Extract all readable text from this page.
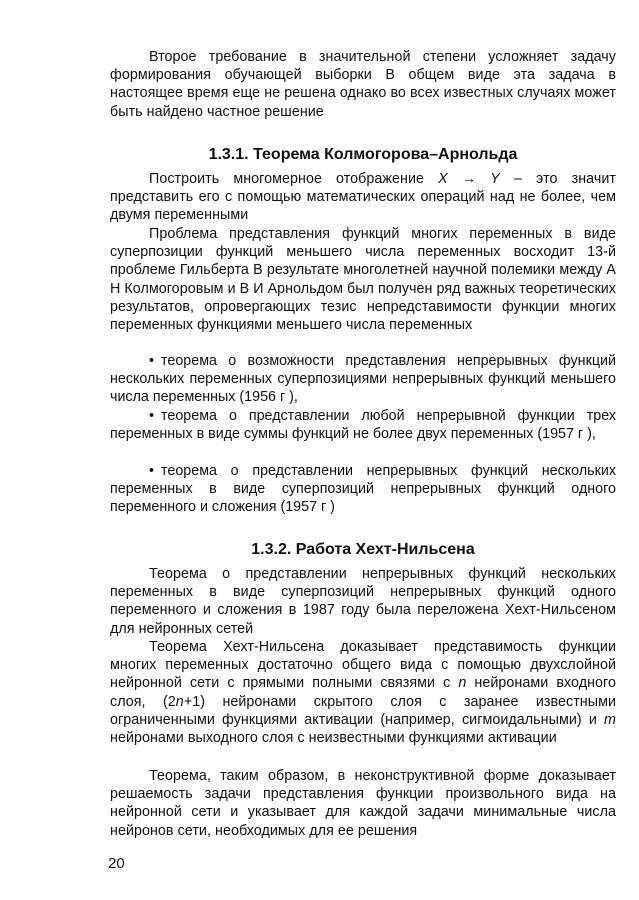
Второе требование в значительной степени усложняет задачу формирования обучающей выборки В общем виде эта задача в настоящее время еще не решена однако во всех известных случаях может быть найдено частное решение
1.3.1. Теорема Колмогорова–Арнольда
Построить многомерное отображение X → Y – это значит представить его с помощью математических операций над не более, чем двумя переменными
Проблема представления функций многих переменных в виде суперпозиции функций меньшего числа переменных восходит 13-й проблеме Гильберта В результате многолетней научной полемики между А Н Колмогоровым и В И Арнольдом был получен ряд важных теоретических результатов, опровергающих тезис непредставимости функции многих переменных функциями меньшего числа переменных
• теорема о возможности представления непрерывных функций нескольких переменных суперпозициями непрерывных функций меньшего числа переменных (1956 г ),
• теорема о представлении любой непрерывной функции трех переменных в виде суммы функций не более двух переменных (1957 г ),
• теорема о представлении непрерывных функций нескольких переменных в виде суперпозиций непрерывных функций одного переменного и сложения (1957 г )
1.3.2. Работа Хехт-Нильсена
Теорема о представлении непрерывных функций нескольких переменных в виде суперпозиций непрерывных функций одного переменного и сложения в 1987 году была переложена Хехт-Нильсеном для нейронных сетей
Теорема Хехт-Нильсена доказывает представимость функции многих переменных достаточно общего вида с помощью двухслойной нейронной сети с прямыми полными связями с n нейронами входного слоя, (2n+1) нейронами скрытого слоя с заранее известными ограниченными функциями активации (например, сигмоидальными) и m нейронами выходного слоя с неизвестными функциями активации
Теорема, таким образом, в неконструктивной форме доказывает решаемость задачи представления функции произвольного вида на нейронной сети и указывает для каждой задачи минимальные числа нейронов сети, необходимых для ее решения
20
